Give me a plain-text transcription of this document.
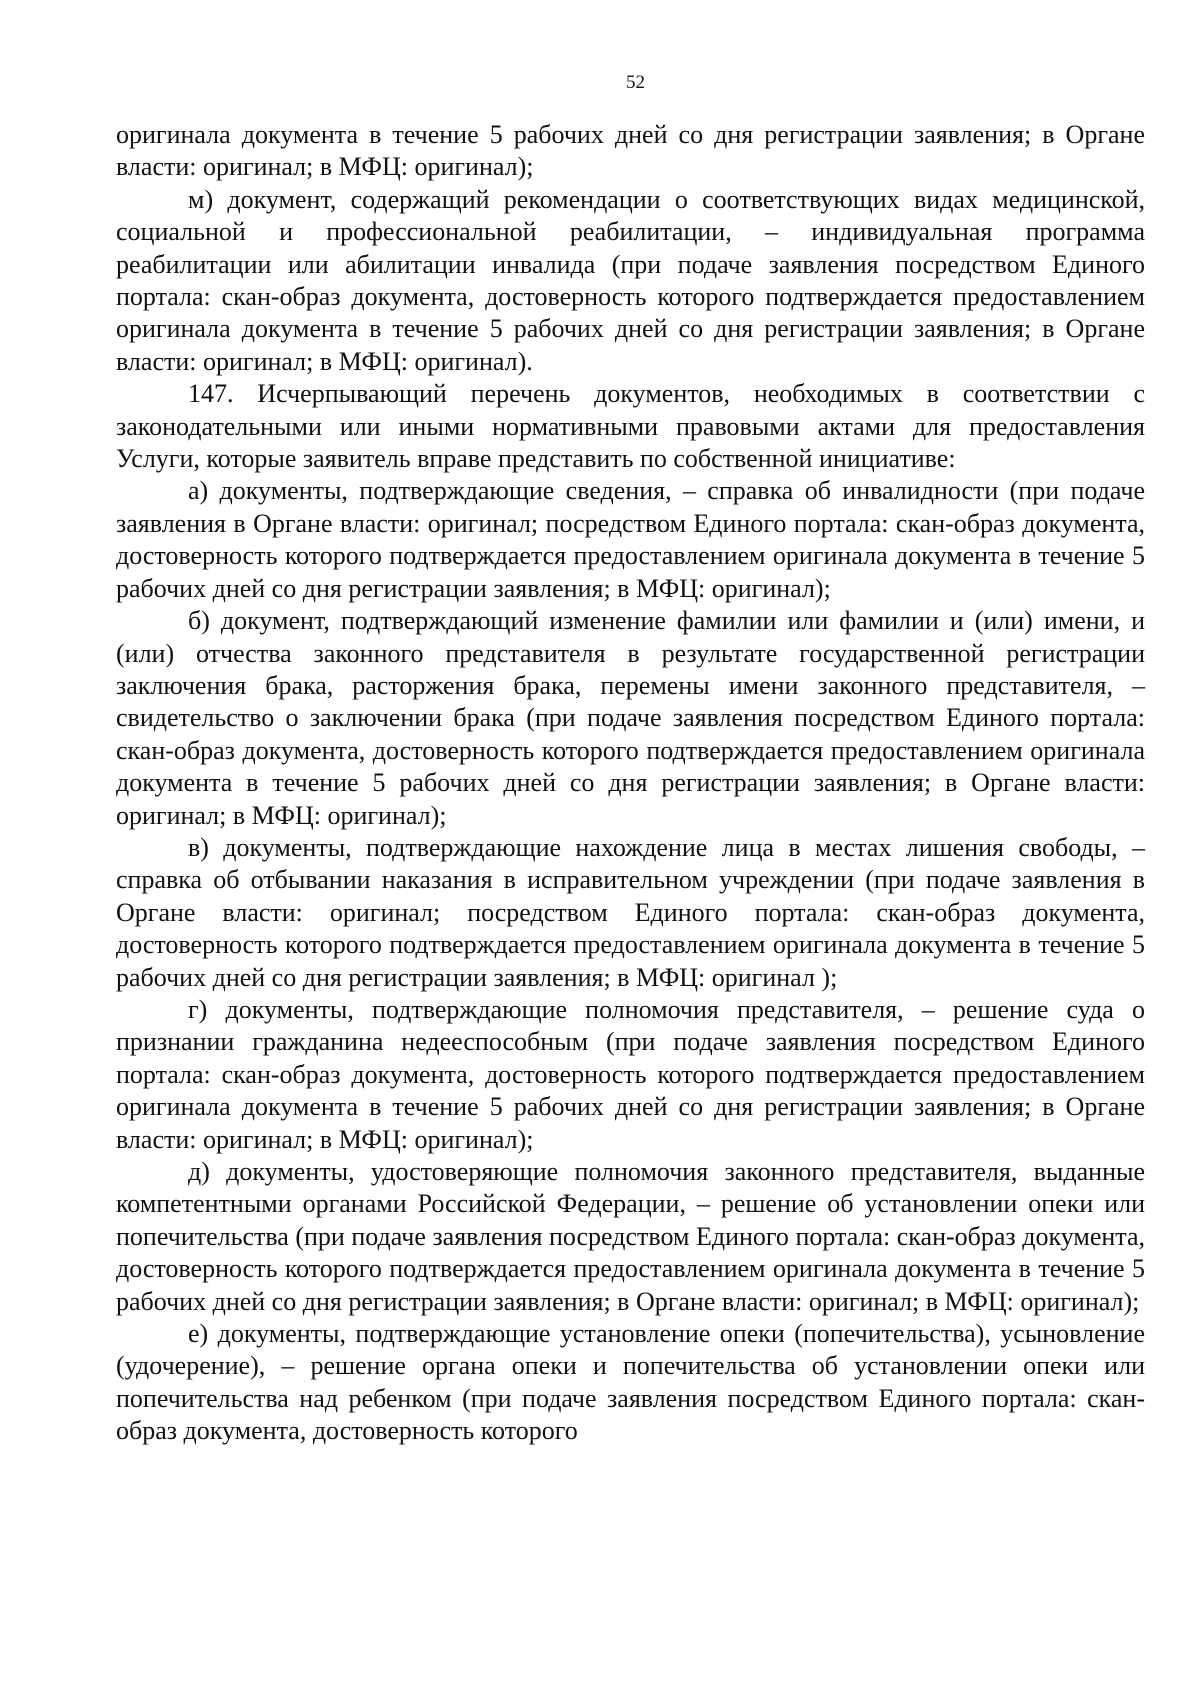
52

оригинала документа в течение 5 рабочих дней со дня регистрации заявления; в Органе власти: оригинал; в МФЦ: оригинал);

м) документ, содержащий рекомендации о соответствующих видах медицинской, социальной и профессиональной реабилитации, – индивидуальная программа реабилитации или абилитации инвалида (при подаче заявления посредством Единого портала: скан-образ документа, достоверность которого подтверждается предоставлением оригинала документа в течение 5 рабочих дней со дня регистрации заявления; в Органе власти: оригинал; в МФЦ: оригинал).

147. Исчерпывающий перечень документов, необходимых в соответствии с законодательными или иными нормативными правовыми актами для предоставления Услуги, которые заявитель вправе представить по собственной инициативе:

а) документы, подтверждающие сведения, – справка об инвалидности (при подаче заявления в Органе власти: оригинал; посредством Единого портала: скан-образ документа, достоверность которого подтверждается предоставлением оригинала документа в течение 5 рабочих дней со дня регистрации заявления; в МФЦ: оригинал);

б) документ, подтверждающий изменение фамилии или фамилии и (или) имени, и (или) отчества законного представителя в результате государственной регистрации заключения брака, расторжения брака, перемены имени законного представителя, – свидетельство о заключении брака (при подаче заявления посредством Единого портала: скан-образ документа, достоверность которого подтверждается предоставлением оригинала документа в течение 5 рабочих дней со дня регистрации заявления; в Органе власти: оригинал; в МФЦ: оригинал);

в) документы, подтверждающие нахождение лица в местах лишения свободы, – справка об отбывании наказания в исправительном учреждении (при подаче заявления в Органе власти: оригинал; посредством Единого портала: скан-образ документа, достоверность которого подтверждается предоставлением оригинала документа в течение 5 рабочих дней со дня регистрации заявления; в МФЦ: оригинал );

г) документы, подтверждающие полномочия представителя, – решение суда о признании гражданина недееспособным (при подаче заявления посредством Единого портала: скан-образ документа, достоверность которого подтверждается предоставлением оригинала документа в течение 5 рабочих дней со дня регистрации заявления; в Органе власти: оригинал; в МФЦ: оригинал);

д) документы, удостоверяющие полномочия законного представителя, выданные компетентными органами Российской Федерации, – решение об установлении опеки или попечительства (при подаче заявления посредством Единого портала: скан-образ документа, достоверность которого подтверждается предоставлением оригинала документа в течение 5 рабочих дней со дня регистрации заявления; в Органе власти: оригинал; в МФЦ: оригинал);

е) документы, подтверждающие установление опеки (попечительства), усыновление (удочерение), – решение органа опеки и попечительства об установлении опеки или попечительства над ребенком (при подаче заявления посредством Единого портала: скан-образ документа, достоверность которого
